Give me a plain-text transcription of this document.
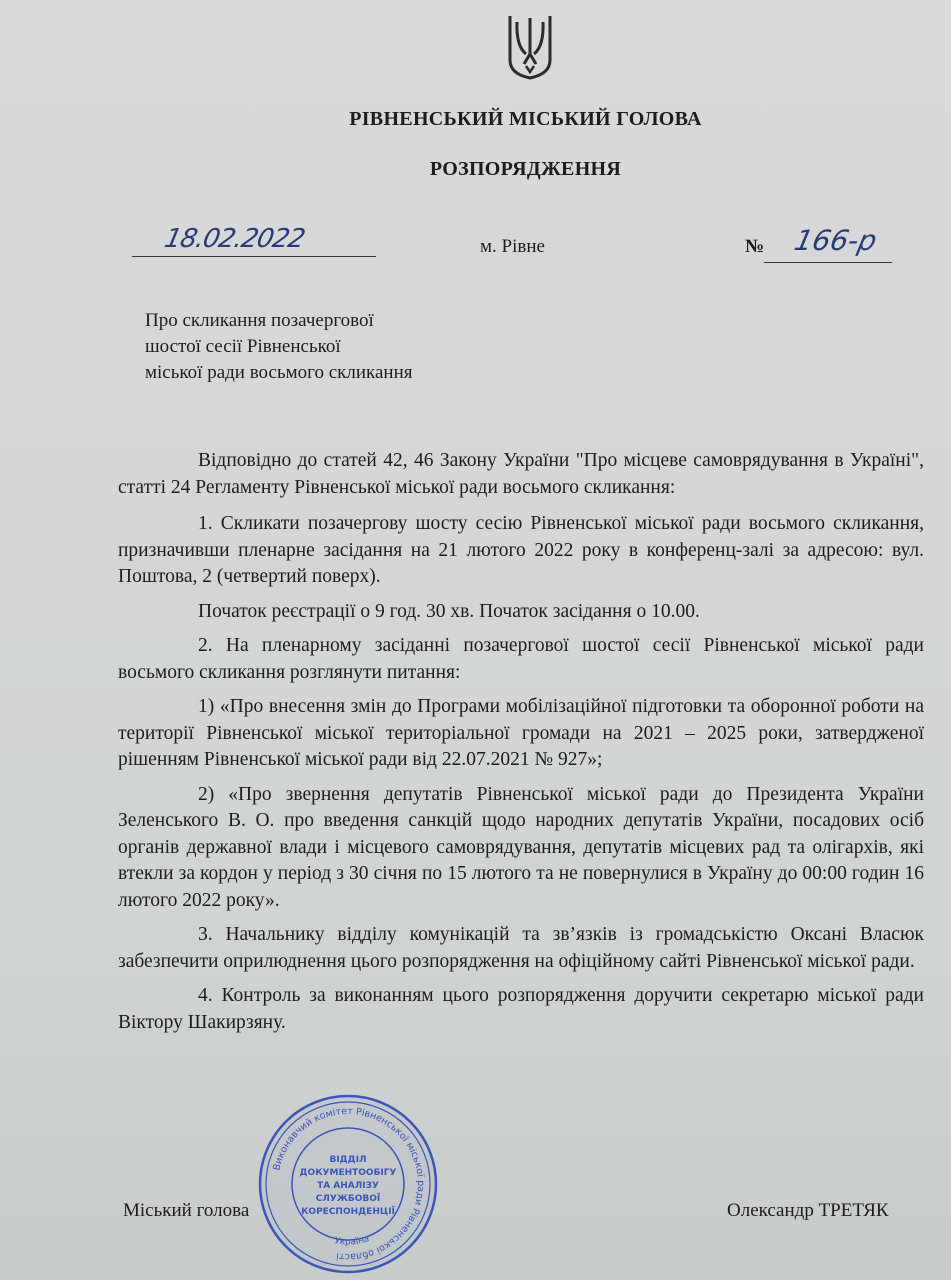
РІВНЕНСЬКИЙ МІСЬКИЙ ГОЛОВА
РОЗПОРЯДЖЕННЯ
18.02.2022	м. Рівне	№ 166-р
Про скликання позачергової
шостої сесії Рівненської
міської ради восьмого скликання

Відповідно до статей 42, 46 Закону України "Про місцеве самоврядування в Україні", статті 24 Регламенту Рівненської міської ради восьмого скликання:

1. Скликати позачергову шосту сесію Рівненської міської ради восьмого скликання, призначивши пленарне засідання на 21 лютого 2022 року в конференц-залі за адресою: вул. Поштова, 2 (четвертий поверх).

Початок реєстрації о 9 год. 30 хв. Початок засідання о 10.00.

2. На пленарному засіданні позачергової шостої сесії Рівненської міської ради восьмого скликання розглянути питання:

1) «Про внесення змін до Програми мобілізаційної підготовки та оборонної роботи на території Рівненської міської територіальної громади на 2021 – 2025 роки, затвердженої рішенням Рівненської міської ради від 22.07.2021 № 927»;

2) «Про звернення депутатів Рівненської міської ради до Президента України Зеленського В. О. про введення санкцій щодо народних депутатів України, посадових осіб органів державної влади і місцевого самоврядування, депутатів місцевих рад та олігархів, які втекли за кордон у період з 30 січня по 15 лютого та не повернулися в Україну до 00:00 годин 16 лютого 2022 року».

3. Начальнику відділу комунікацій та зв’язків із громадськістю Оксані Власюк забезпечити оприлюднення цього розпорядження на офіційному сайті Рівненської міської ради.

4. Контроль за виконанням цього розпорядження доручити секретарю міської ради Віктору Шакирзяну.

Міський голова	Олександр ТРЕТЯК
Виконавчий комітет Рівненської міської ради Рівненської області
Україна
ВІДДІЛ
ДОКУМЕНТООБІГУ
ТА АНАЛІЗУ
СЛУЖБОВОЇ
КОРЕСПОНДЕНЦІЇ
